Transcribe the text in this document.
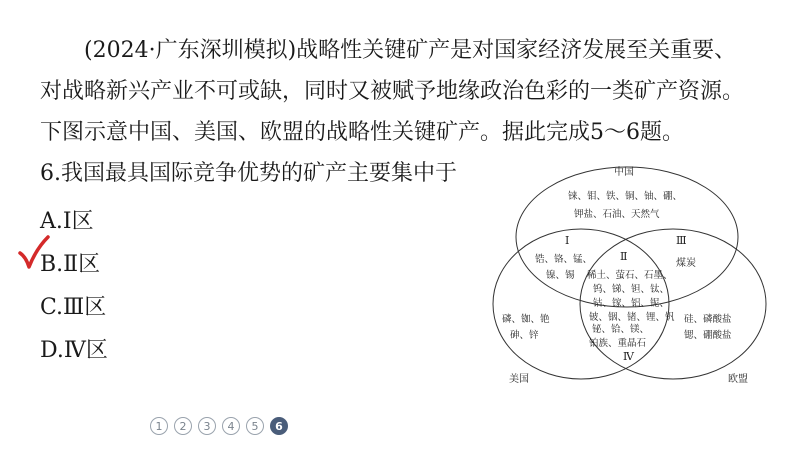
(2024·广东深圳模拟)战略性关键矿产是对国家经济发展至关重要、
对战略新兴产业不可或缺，同时又被赋予地缘政治色彩的一类矿产资源。
下图示意中国、美国、欧盟的战略性关键矿产。据此完成5～6题。
6.我国最具国际竞争优势的矿产主要集中于
A.Ⅰ区
B.Ⅱ区
C.Ⅲ区
D.Ⅳ区
中国
美国	欧盟
铼、钼、铁、铜、铀、硼、
钾盐、石油、天然气
Ⅰ
锆、铬、锰、
镍、锡
Ⅱ
稀土、萤石、石墨、
钨、锑、钽、钛、
钴、镓、铝、铌、
铍、铟、锗、锂、钒
Ⅲ
煤炭
磷、铷、铯
砷、锌
铋、铪、镁、
铂族、重晶石
Ⅳ
硅、磷酸盐
锶、硼酸盐
1	2	3	4	5	6
